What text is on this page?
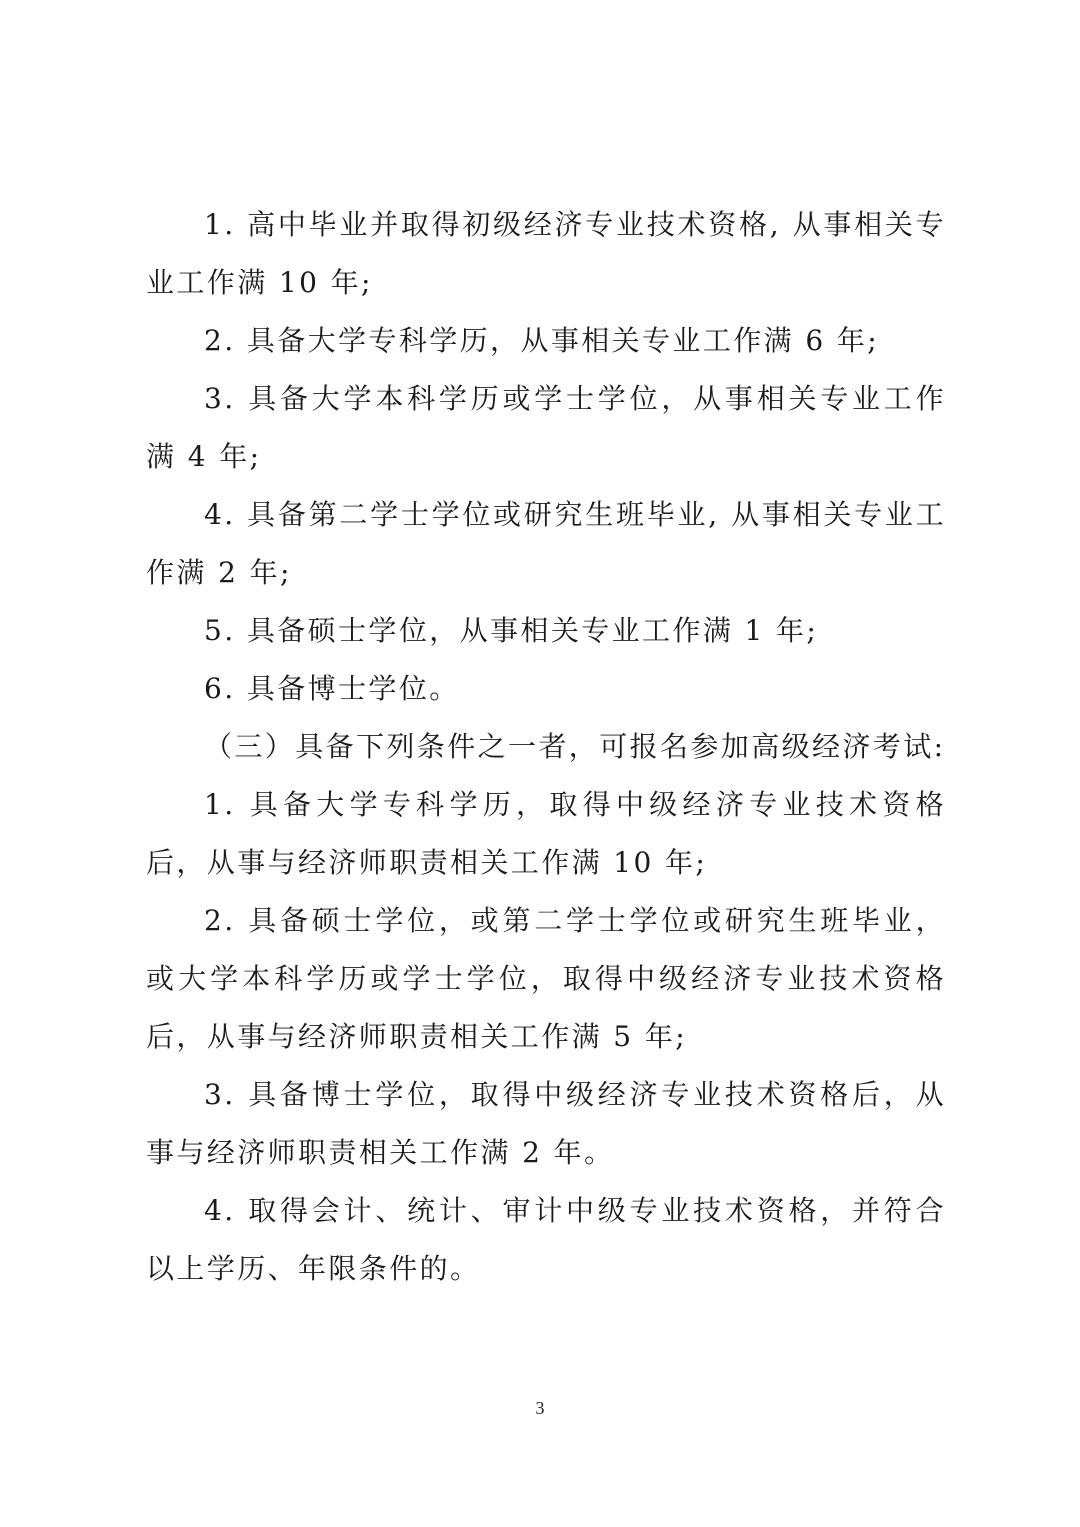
1. 高中毕业并取得初级经济专业技术资格, 从事相关专业工作满 10 年;

2. 具备大学专科学历，从事相关专业工作满 6 年;

3. 具备大学本科学历或学士学位，从事相关专业工作满 4 年;

4. 具备第二学士学位或研究生班毕业, 从事相关专业工作满 2 年;

5. 具备硕士学位，从事相关专业工作满 1 年;

6. 具备博士学位。

（三）具备下列条件之一者，可报名参加高级经济考试:

1. 具备大学专科学历，取得中级经济专业技术资格后，从事与经济师职责相关工作满 10 年;

2. 具备硕士学位，或第二学士学位或研究生班毕业，或大学本科学历或学士学位，取得中级经济专业技术资格后，从事与经济师职责相关工作满 5 年;

3. 具备博士学位，取得中级经济专业技术资格后，从事与经济师职责相关工作满 2 年。

4. 取得会计、统计、审计中级专业技术资格，并符合以上学历、年限条件的。

3
